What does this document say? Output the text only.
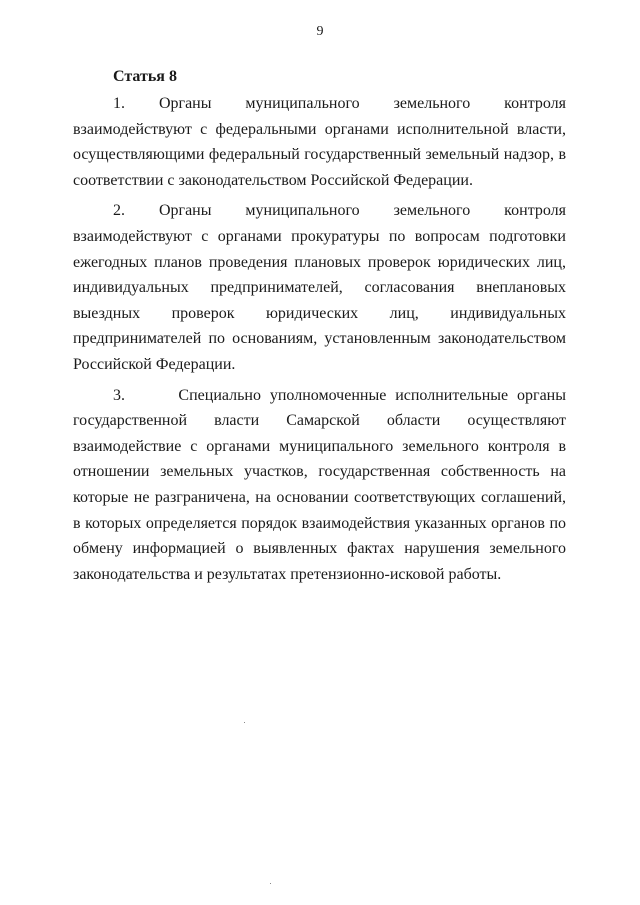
9
Статья 8

1. Органы муниципального земельного контроля взаимодействуют с федеральными органами исполнительной власти, осуществляющими федеральный государственный земельный надзор, в соответствии с законодательством Российской Федерации.

2. Органы муниципального земельного контроля взаимодействуют с органами прокуратуры по вопросам подготовки ежегодных планов проведения плановых проверок юридических лиц, индивидуальных предпринимателей, согласования внеплановых выездных проверок юридических лиц, индивидуальных предпринимателей по основаниям, установленным законодательством Российской Федерации.

3.	Специально уполномоченные исполнительные органы государственной власти Самарской области осуществляют взаимодействие с органами муниципального земельного контроля в отношении земельных участков, государственная собственность на которые не разграничена, на основании соответствующих соглашений, в которых определяется порядок взаимодействия указанных органов по обмену информацией о выявленных фактах нарушения земельного законодательства и результатах претензионно-исковой работы.
